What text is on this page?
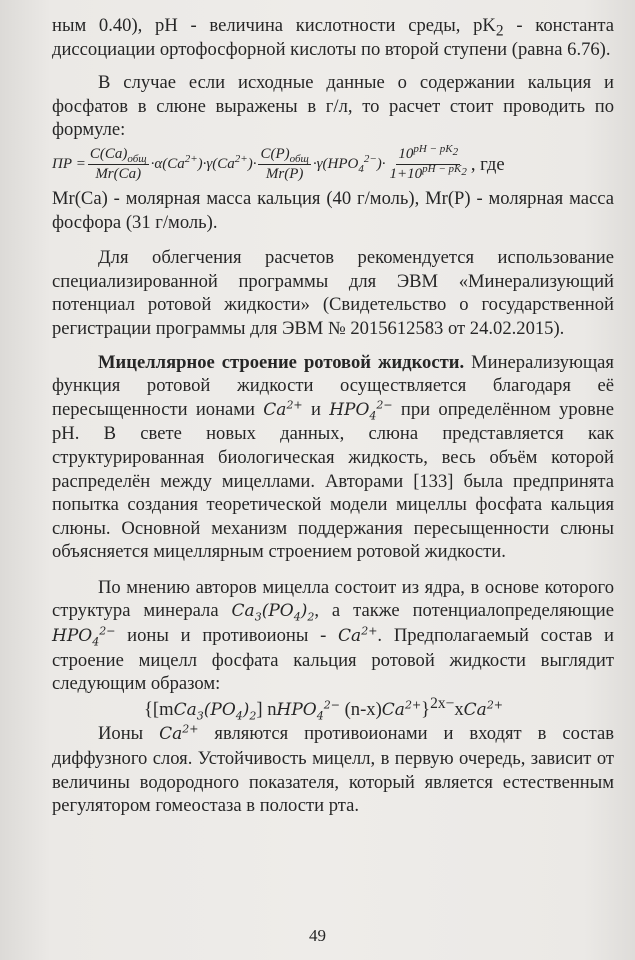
ным 0.40), pH - величина кислотности среды, $pK_2$ - константа диссоциации ортофосфорной кислоты по второй ступени (равна 6.76).

В случае если исходные данные о содержании кальция и фосфатов в слюне выражены в г/л, то расчет стоит проводить по формуле:

ПР = $\frac{C(Ca)_{общ}}{Mr(Ca)} \cdot\alpha(Ca^{2+})\cdot\gamma(Ca^{2+})\cdot \frac{C(P)_{общ}}{Mr(P)} \cdot\gamma(HPO_4^{2-})\cdot \frac{10^{pH - pK_2}}{1+10^{pH - pK_2}}$ , где

Mr(Ca) - молярная масса кальция (40 г/моль), Mr(P) - молярная масса фосфора (31 г/моль).

Для облегчения расчетов рекомендуется использование специализированной программы для ЭВМ «Минерализующий потенциал ротовой жидкости» (Свидетельство о государственной регистрации программы для ЭВМ № 2015612583 от 24.02.2015).

Мицеллярное строение ротовой жидкости. Минерализующая функция ротовой жидкости осуществляется благодаря её пересыщенности ионами $Ca^{2+}$ и $HPO_4^{2-}$ при определённом уровне pH. В свете новых данных, слюна представляется как структурированная биологическая жидкость, весь объём которой распределён между мицеллами. Авторами [133] была предпринята попытка создания теоретической модели мицеллы фосфата кальция слюны. Основной механизм поддержания пересыщенности слюны объясняется мицеллярным строением ротовой жидкости.

По мнению авторов мицелла состоит из ядра, в основе которого структура минерала $Ca_3(PO_4)_2$, а также потенциалопределяющие $HPO_4^{2-}$ ионы и противоионы - $Ca^{2+}$. Предполагаемый состав и строение мицелл фосфата кальция ротовой жидкости выглядит следующим образом:

{$[mCa_3(PO_4)_2]$ nHPO$_4^{2-}$ $(n-x)Ca^{2+}\}^{2x-}xCa^{2+}$

Ионы $Ca^{2+}$ являются противоионами и входят в состав диффузного слоя. Устойчивость мицелл, в первую очередь, зависит от величины водородного показателя, который является естественным регулятором гомеостаза в полости рта.

49
